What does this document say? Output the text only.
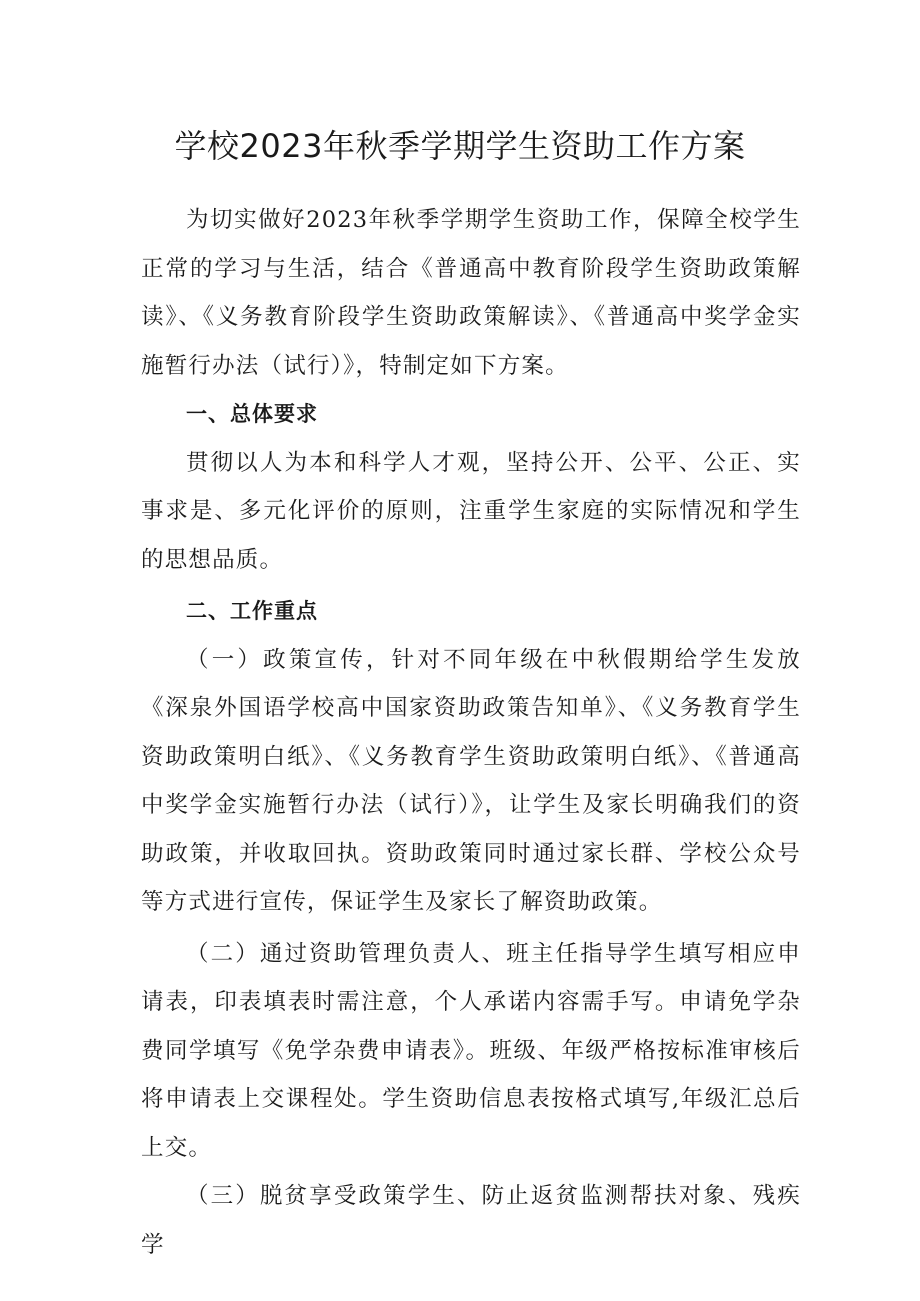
学校2023年秋季学期学生资助工作方案

为切实做好2023年秋季学期学生资助工作，保障全校学生正常的学习与生活，结合《普通高中教育阶段学生资助政策解读》、《义务教育阶段学生资助政策解读》、《普通高中奖学金实施暂行办法（试行）》，特制定如下方案。

一、总体要求

贯彻以人为本和科学人才观，坚持公开、公平、公正、实事求是、多元化评价的原则，注重学生家庭的实际情况和学生的思想品质。

二、工作重点

（一）政策宣传，针对不同年级在中秋假期给学生发放《深泉外国语学校高中国家资助政策告知单》、《义务教育学生资助政策明白纸》、《义务教育学生资助政策明白纸》、《普通高中奖学金实施暂行办法（试行）》，让学生及家长明确我们的资助政策，并收取回执。资助政策同时通过家长群、学校公众号等方式进行宣传，保证学生及家长了解资助政策。

（二）通过资助管理负责人、班主任指导学生填写相应申请表，印表填表时需注意，个人承诺内容需手写。申请免学杂费同学填写《免学杂费申请表》。班级、年级严格按标准审核后将申请表上交课程处。学生资助信息表按格式填写,年级汇总后上交。

（三）脱贫享受政策学生、防止返贫监测帮扶对象、残疾学
